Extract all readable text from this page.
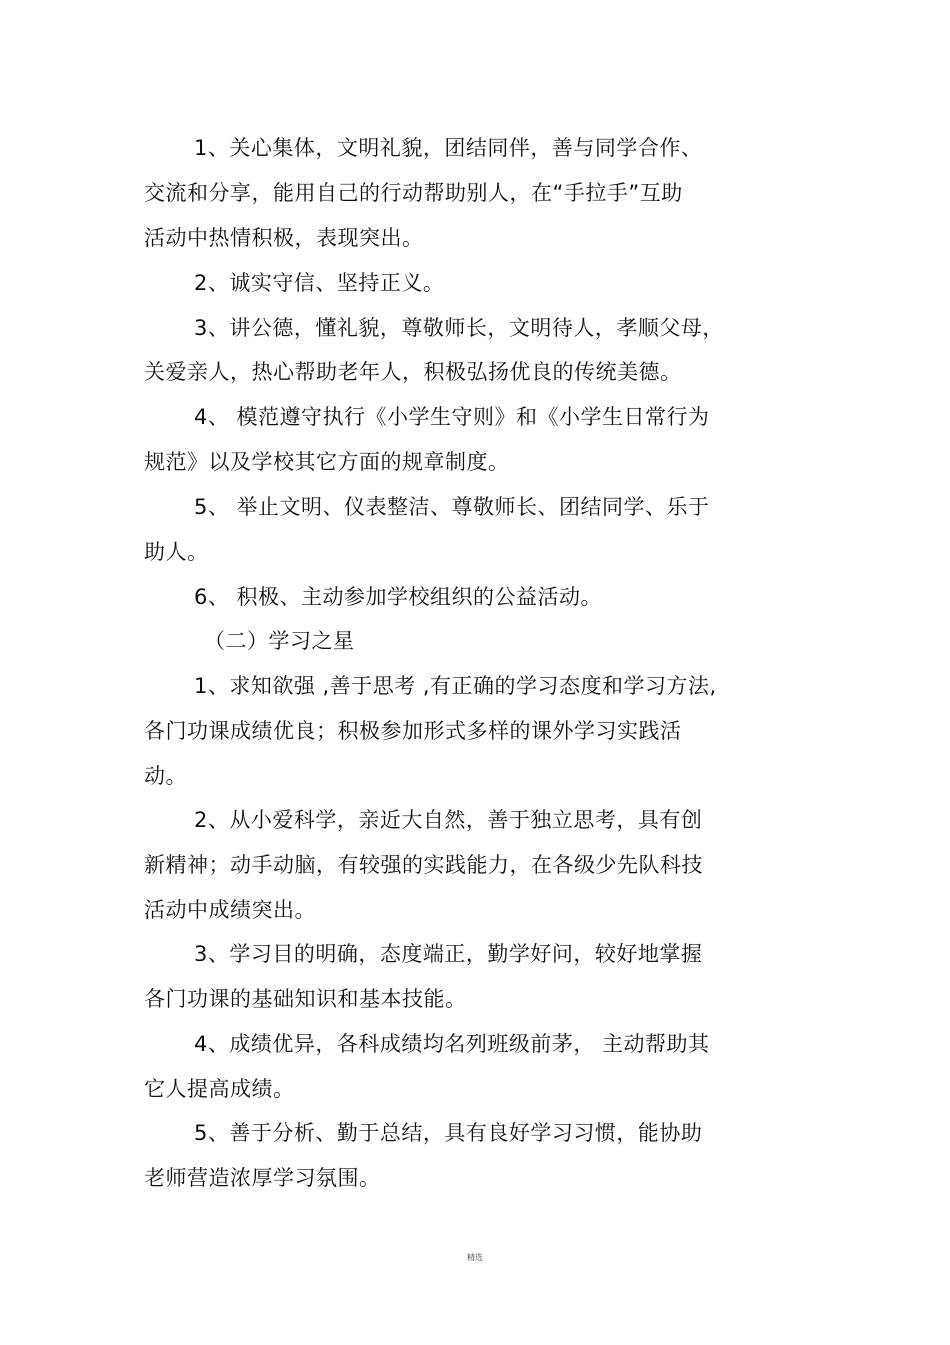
1、关心集体，文明礼貌，团结同伴，善与同学合作、
交流和分享，能用自己的行动帮助别人，在“手拉手”互助
活动中热情积极，表现突出。
2、诚实守信、坚持正义。
3、讲公德，懂礼貌，尊敬师长，文明待人，孝顺父母，
关爱亲人，热心帮助老年人，积极弘扬优良的传统美德。
4、 模范遵守执行《小学生守则》和《小学生日常行为
规范》以及学校其它方面的规章制度。
5、 举止文明、仪表整洁、尊敬师长、团结同学、乐于
助人。
6、 积极、主动参加学校组织的公益活动。
（二）学习之星
1、求知欲强 ,善于思考 ,有正确的学习态度和学习方法,
各门功课成绩优良；积极参加形式多样的课外学习实践活
动。
2、从小爱科学，亲近大自然，善于独立思考，具有创
新精神；动手动脑，有较强的实践能力，在各级少先队科技
活动中成绩突出。
3、学习目的明确，态度端正，勤学好问，较好地掌握
各门功课的基础知识和基本技能。
4、成绩优异，各科成绩均名列班级前茅， 主动帮助其
它人提高成绩。
5、善于分析、勤于总结，具有良好学习习惯，能协助
老师营造浓厚学习氛围。
精选
